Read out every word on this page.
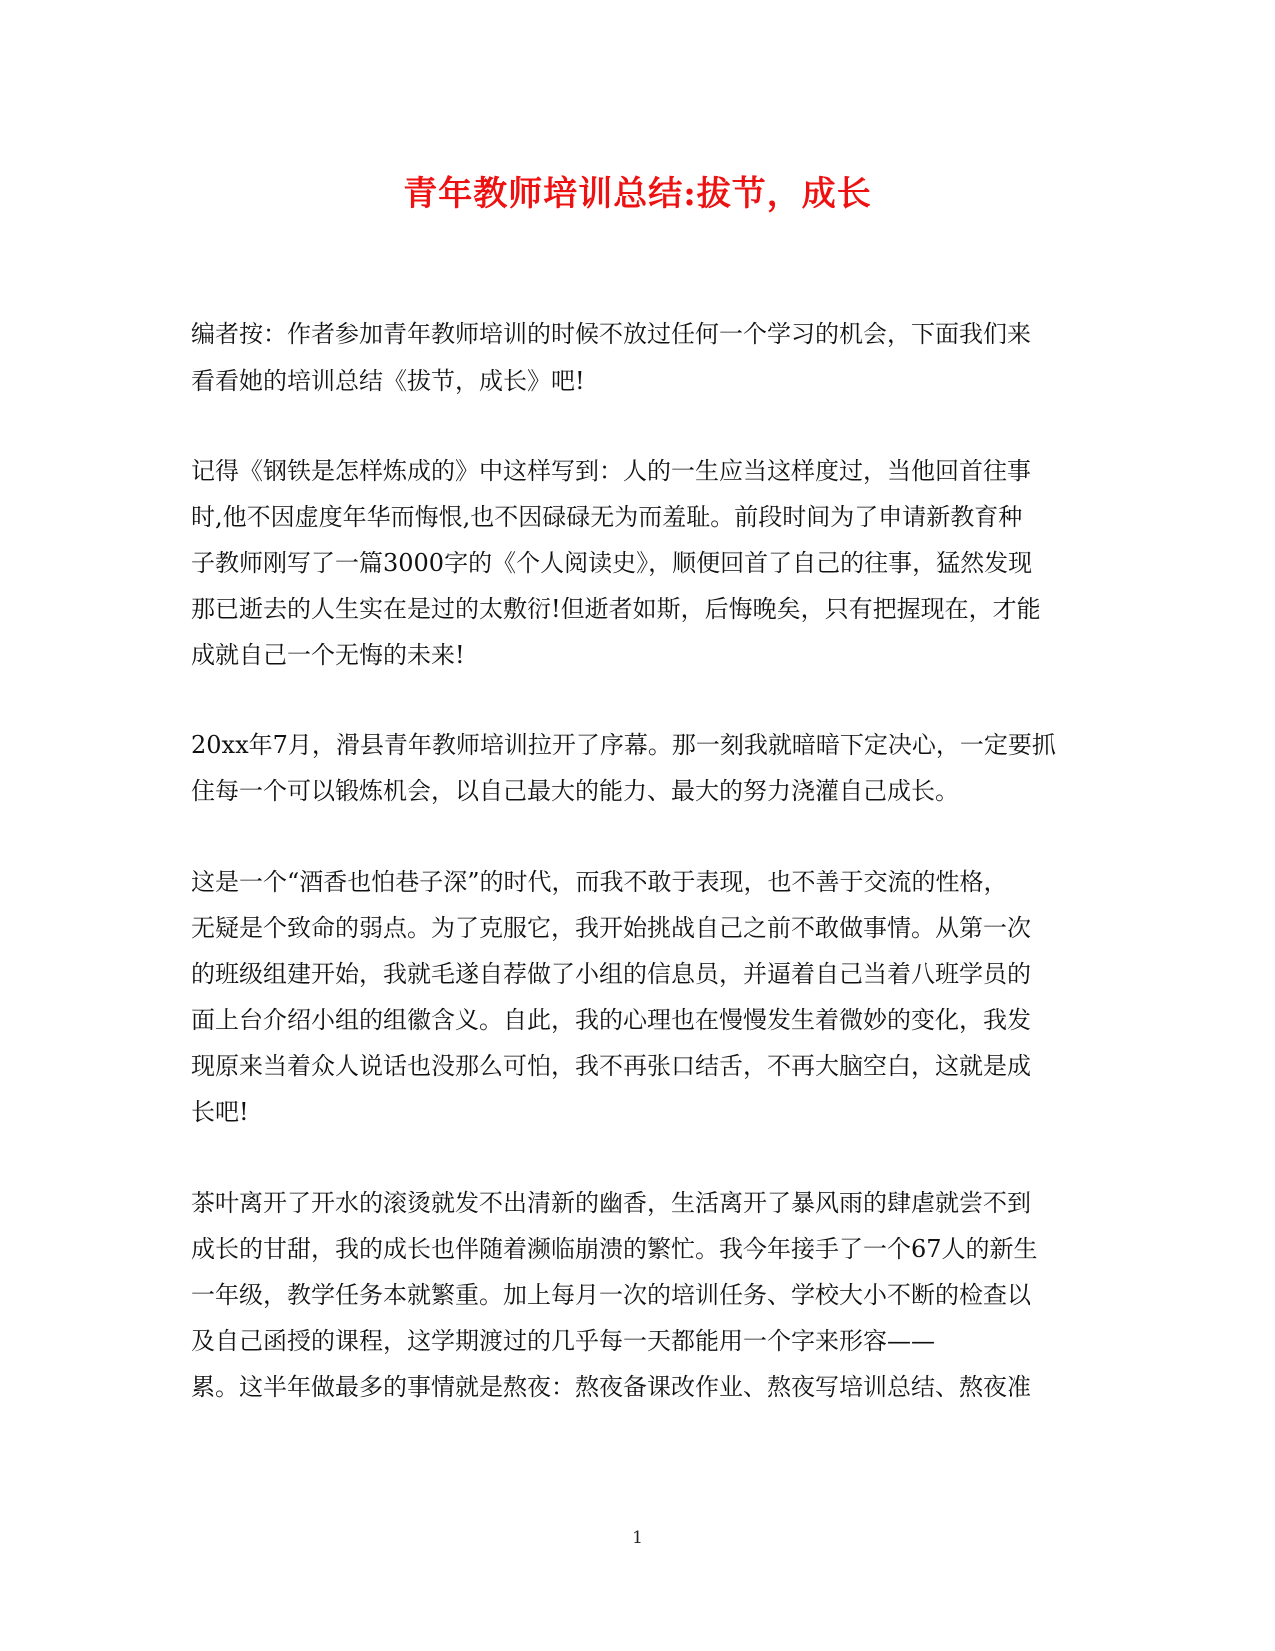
青年教师培训总结:拔节，成长
编者按：作者参加青年教师培训的时候不放过任何一个学习的机会，下面我们来
看看她的培训总结《拔节，成长》吧!
记得《钢铁是怎样炼成的》中这样写到：人的一生应当这样度过，当他回首往事
时,他不因虚度年华而悔恨,也不因碌碌无为而羞耻。前段时间为了申请新教育种
子教师刚写了一篇3000字的《个人阅读史》，顺便回首了自己的往事，猛然发现
那已逝去的人生实在是过的太敷衍!但逝者如斯，后悔晚矣，只有把握现在，才能
成就自己一个无悔的未来!
20xx年7月，滑县青年教师培训拉开了序幕。那一刻我就暗暗下定决心，一定要抓
住每一个可以锻炼机会，以自己最大的能力、最大的努力浇灌自己成长。
这是一个“酒香也怕巷子深”的时代，而我不敢于表现，也不善于交流的性格，
无疑是个致命的弱点。为了克服它，我开始挑战自己之前不敢做事情。从第一次
的班级组建开始，我就毛遂自荐做了小组的信息员，并逼着自己当着八班学员的
面上台介绍小组的组徽含义。自此，我的心理也在慢慢发生着微妙的变化，我发
现原来当着众人说话也没那么可怕，我不再张口结舌，不再大脑空白，这就是成
长吧!
茶叶离开了开水的滚烫就发不出清新的幽香，生活离开了暴风雨的肆虐就尝不到
成长的甘甜，我的成长也伴随着濒临崩溃的繁忙。我今年接手了一个67人的新生
一年级，教学任务本就繁重。加上每月一次的培训任务、学校大小不断的检查以
及自己函授的课程，这学期渡过的几乎每一天都能用一个字来形容——
累。这半年做最多的事情就是熬夜：熬夜备课改作业、熬夜写培训总结、熬夜准
1
